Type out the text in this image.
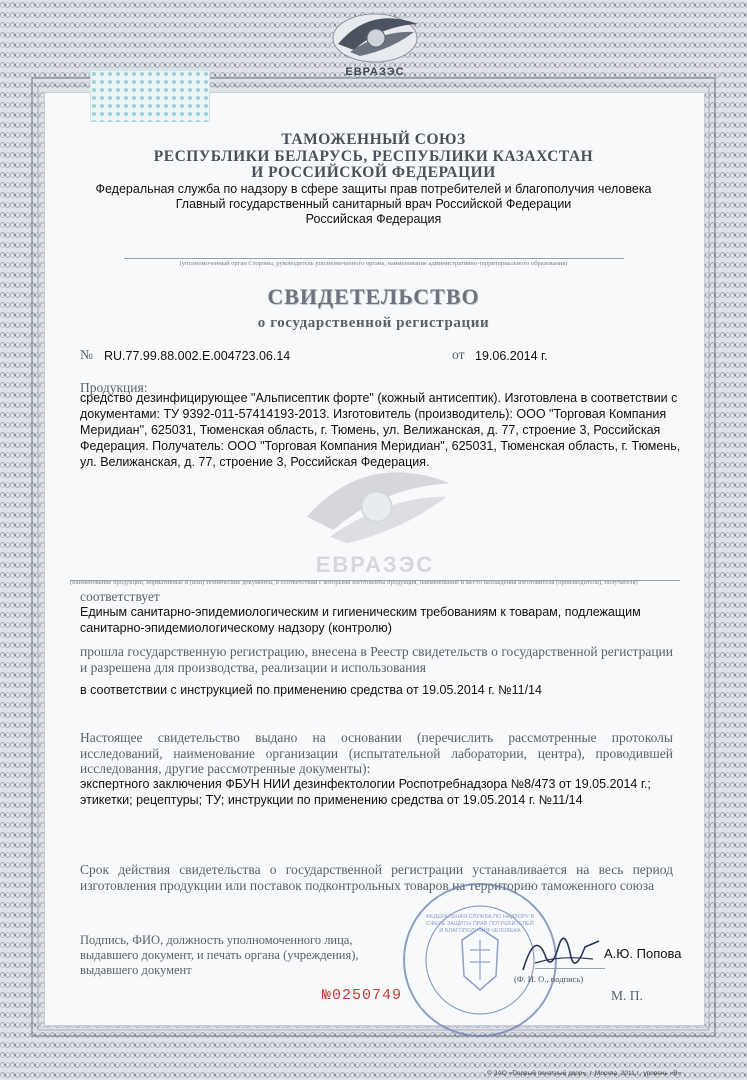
ЕВРАЗЭС
ТАМОЖЕННЫЙ СОЮЗ
РЕСПУБЛИКИ БЕЛАРУСЬ, РЕСПУБЛИКИ КАЗАХСТАН
И РОССИЙСКОЙ ФЕДЕРАЦИИ
Федеральная служба по надзору в сфере защиты прав потребителей и благополучия человека
Главный государственный санитарный врач Российской Федерации
Российская Федерация
(уполномоченный орган Стороны, руководитель уполномоченного органа, наименование административно-территориального образования)
СВИДЕТЕЛЬСТВО
о государственной регистрации
№ RU.77.99.88.002.Е.004723.06.14	от 19.06.2014 г.
ЕВРАЗЭС
Продукция:
средство дезинфицирующее "Альписептик форте" (кожный антисептик). Изготовлена в соответствии с документами: ТУ 9392-011-57414193-2013. Изготовитель (производитель): ООО "Торговая Компания Меридиан", 625031, Тюменская область, г. Тюмень, ул. Велижанская, д. 77, строение 3, Российская Федерация. Получатель: ООО "Торговая Компания Меридиан", 625031, Тюменская область, г. Тюмень, ул. Велижанская, д. 77, строение 3, Российская Федерация.
(наименование продукции, нормативные и (или) технические документы, в соответствии с которыми изготовлена продукция, наименование и место нахождения изготовителя (производителя), получателя)
соответствует
Единым санитарно-эпидемиологическим и гигиеническим требованиям к товарам, подлежащим санитарно-эпидемиологическому надзору (контролю)
прошла государственную регистрацию, внесена в Реестр свидетельств о государственной регистрации и разрешена для производства, реализации и использования
в соответствии с инструкцией по применению средства от 19.05.2014 г. №11/14
Настоящее свидетельство выдано на основании (перечислить рассмотренные протоколы исследований, наименование организации (испытательной лаборатории, центра), проводившей исследования, другие рассмотренные документы):
экспертного заключения ФБУН НИИ дезинфектологии Роспотребнадзора №8/473 от 19.05.2014 г.;
этикетки; рецептуры; ТУ; инструкции по применению средства от 19.05.2014 г. №11/14
Срок действия свидетельства о государственной регистрации устанавливается на весь период изготовления продукции или поставок подконтрольных товаров на территорию таможенного союза
Подпись, ФИО, должность уполномоченного лица,
выдавшего документ, и печать органа (учреждения),
выдавшего документ
ФЕДЕРАЛЬНАЯ СЛУЖБА ПО НАДЗОРУ В СФЕРЕ ЗАЩИТЫ ПРАВ ПОТРЕБИТЕЛЕЙ И БЛАГОПОЛУЧИЯ ЧЕЛОВЕКА
А.Ю. Попова
(Ф. И. О., подпись)
№0250749	М. П.
© ЗАО «Первый печатный двор», г. Москва, 2011 г., уровень «В»
